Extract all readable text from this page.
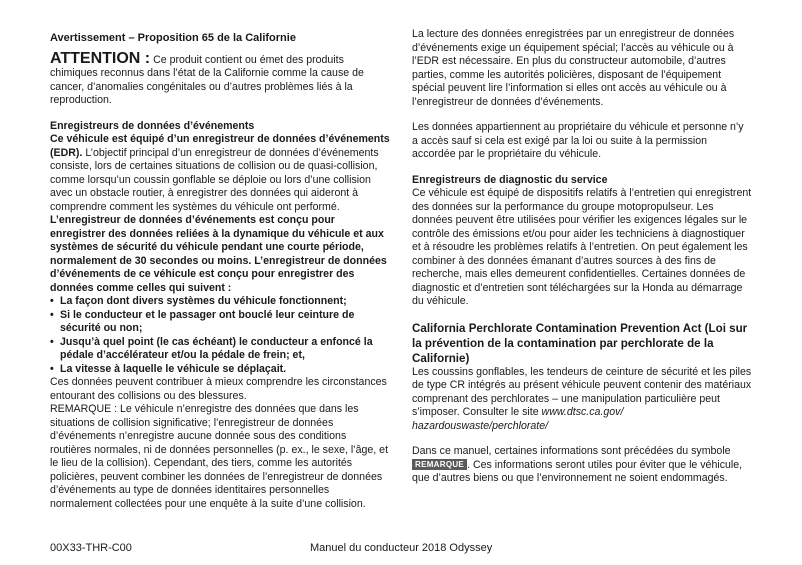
Avertissement – Proposition 65 de la Californie

ATTENTION : Ce produit contient ou émet des produits chimiques reconnus dans l’état de la Californie comme la cause de cancer, d’anomalies congénitales ou d’autres problèmes liés à la reproduction.

Enregistreurs de données d’événements

Ce véhicule est équipé d’un enregistreur de données d’événements (EDR). L’objectif principal d’un enregistreur de données d’événements consiste, lors de certaines situations de collision ou de quasi-collision, comme lorsqu’un coussin gonflable se déploie ou lors d’une collision avec un obstacle routier, à enregistrer des données qui aideront à comprendre comment les systèmes du véhicule ont performé. L’enregistreur de données d’événements est conçu pour enregistrer des données reliées à la dynamique du véhicule et aux systèmes de sécurité du véhicule pendant une courte période, normalement de 30 secondes ou moins. L’enregistreur de données d’événements de ce véhicule est conçu pour enregistrer des données comme celles qui suivent :

• La façon dont divers systèmes du véhicule fonctionnent;
• Si le conducteur et le passager ont bouclé leur ceinture de sécurité ou non;
• Jusqu’à quel point (le cas échéant) le conducteur a enfoncé la pédale d’accélérateur et/ou la pédale de frein; et,
• La vitesse à laquelle le véhicule se déplaçait.

Ces données peuvent contribuer à mieux comprendre les circonstances entourant des collisions ou des blessures.

REMARQUE : Le véhicule n’enregistre des données que dans les situations de collision significative; l’enregistreur de données d’événements n’enregistre aucune donnée sous des conditions routières normales, ni de données personnelles (p. ex., le sexe, l’âge, et le lieu de la collision). Cependant, des tiers, comme les autorités policières, peuvent combiner les données de l’enregistreur de données d’événements au type de données identitaires personnelles normalement collectées pour une enquête à la suite d’une collision.

La lecture des données enregistrées par un enregistreur de données d’événements exige un équipement spécial; l’accès au véhicule ou à l’EDR est nécessaire. En plus du constructeur automobile, d’autres parties, comme les autorités policières, disposant de l’équipement spécial peuvent lire l’information si elles ont accès au véhicule ou à l’enregistreur de données d’événements.

Les données appartiennent au propriétaire du véhicule et personne n’y a accès sauf si cela est exigé par la loi ou suite à la permission accordée par le propriétaire du véhicule.

Enregistreurs de diagnostic du service

Ce véhicule est équipé de dispositifs relatifs à l’entretien qui enregistrent des données sur la performance du groupe motopropulseur. Les données peuvent être utilisées pour vérifier les exigences légales sur le contrôle des émissions et/ou pour aider les techniciens à diagnostiquer et à résoudre les problèmes relatifs à l’entretien. On peut également les combiner à des données émanant d’autres sources à des fins de recherche, mais elles demeurent confidentielles. Certaines données de diagnostic et d’entretien sont téléchargées sur la Honda au démarrage du véhicule.

California Perchlorate Contamination Prevention Act (Loi sur la prévention de la contamination par perchlorate de la Californie)

Les coussins gonflables, les tendeurs de ceinture de sécurité et les piles de type CR intégrés au présent véhicule peuvent contenir des matériaux comprenant des perchlorates – une manipulation particulière peut s’imposer. Consulter le site www.dtsc.ca.gov/ hazardouswaste/perchlorate/

Dans ce manuel, certaines informations sont précédées du symbole REMARQUE . Ces informations seront utiles pour éviter que le véhicule, que d’autres biens ou que l’environnement ne soient endommagés.

00X33-THR-C00	Manuel du conducteur 2018 Odyssey
